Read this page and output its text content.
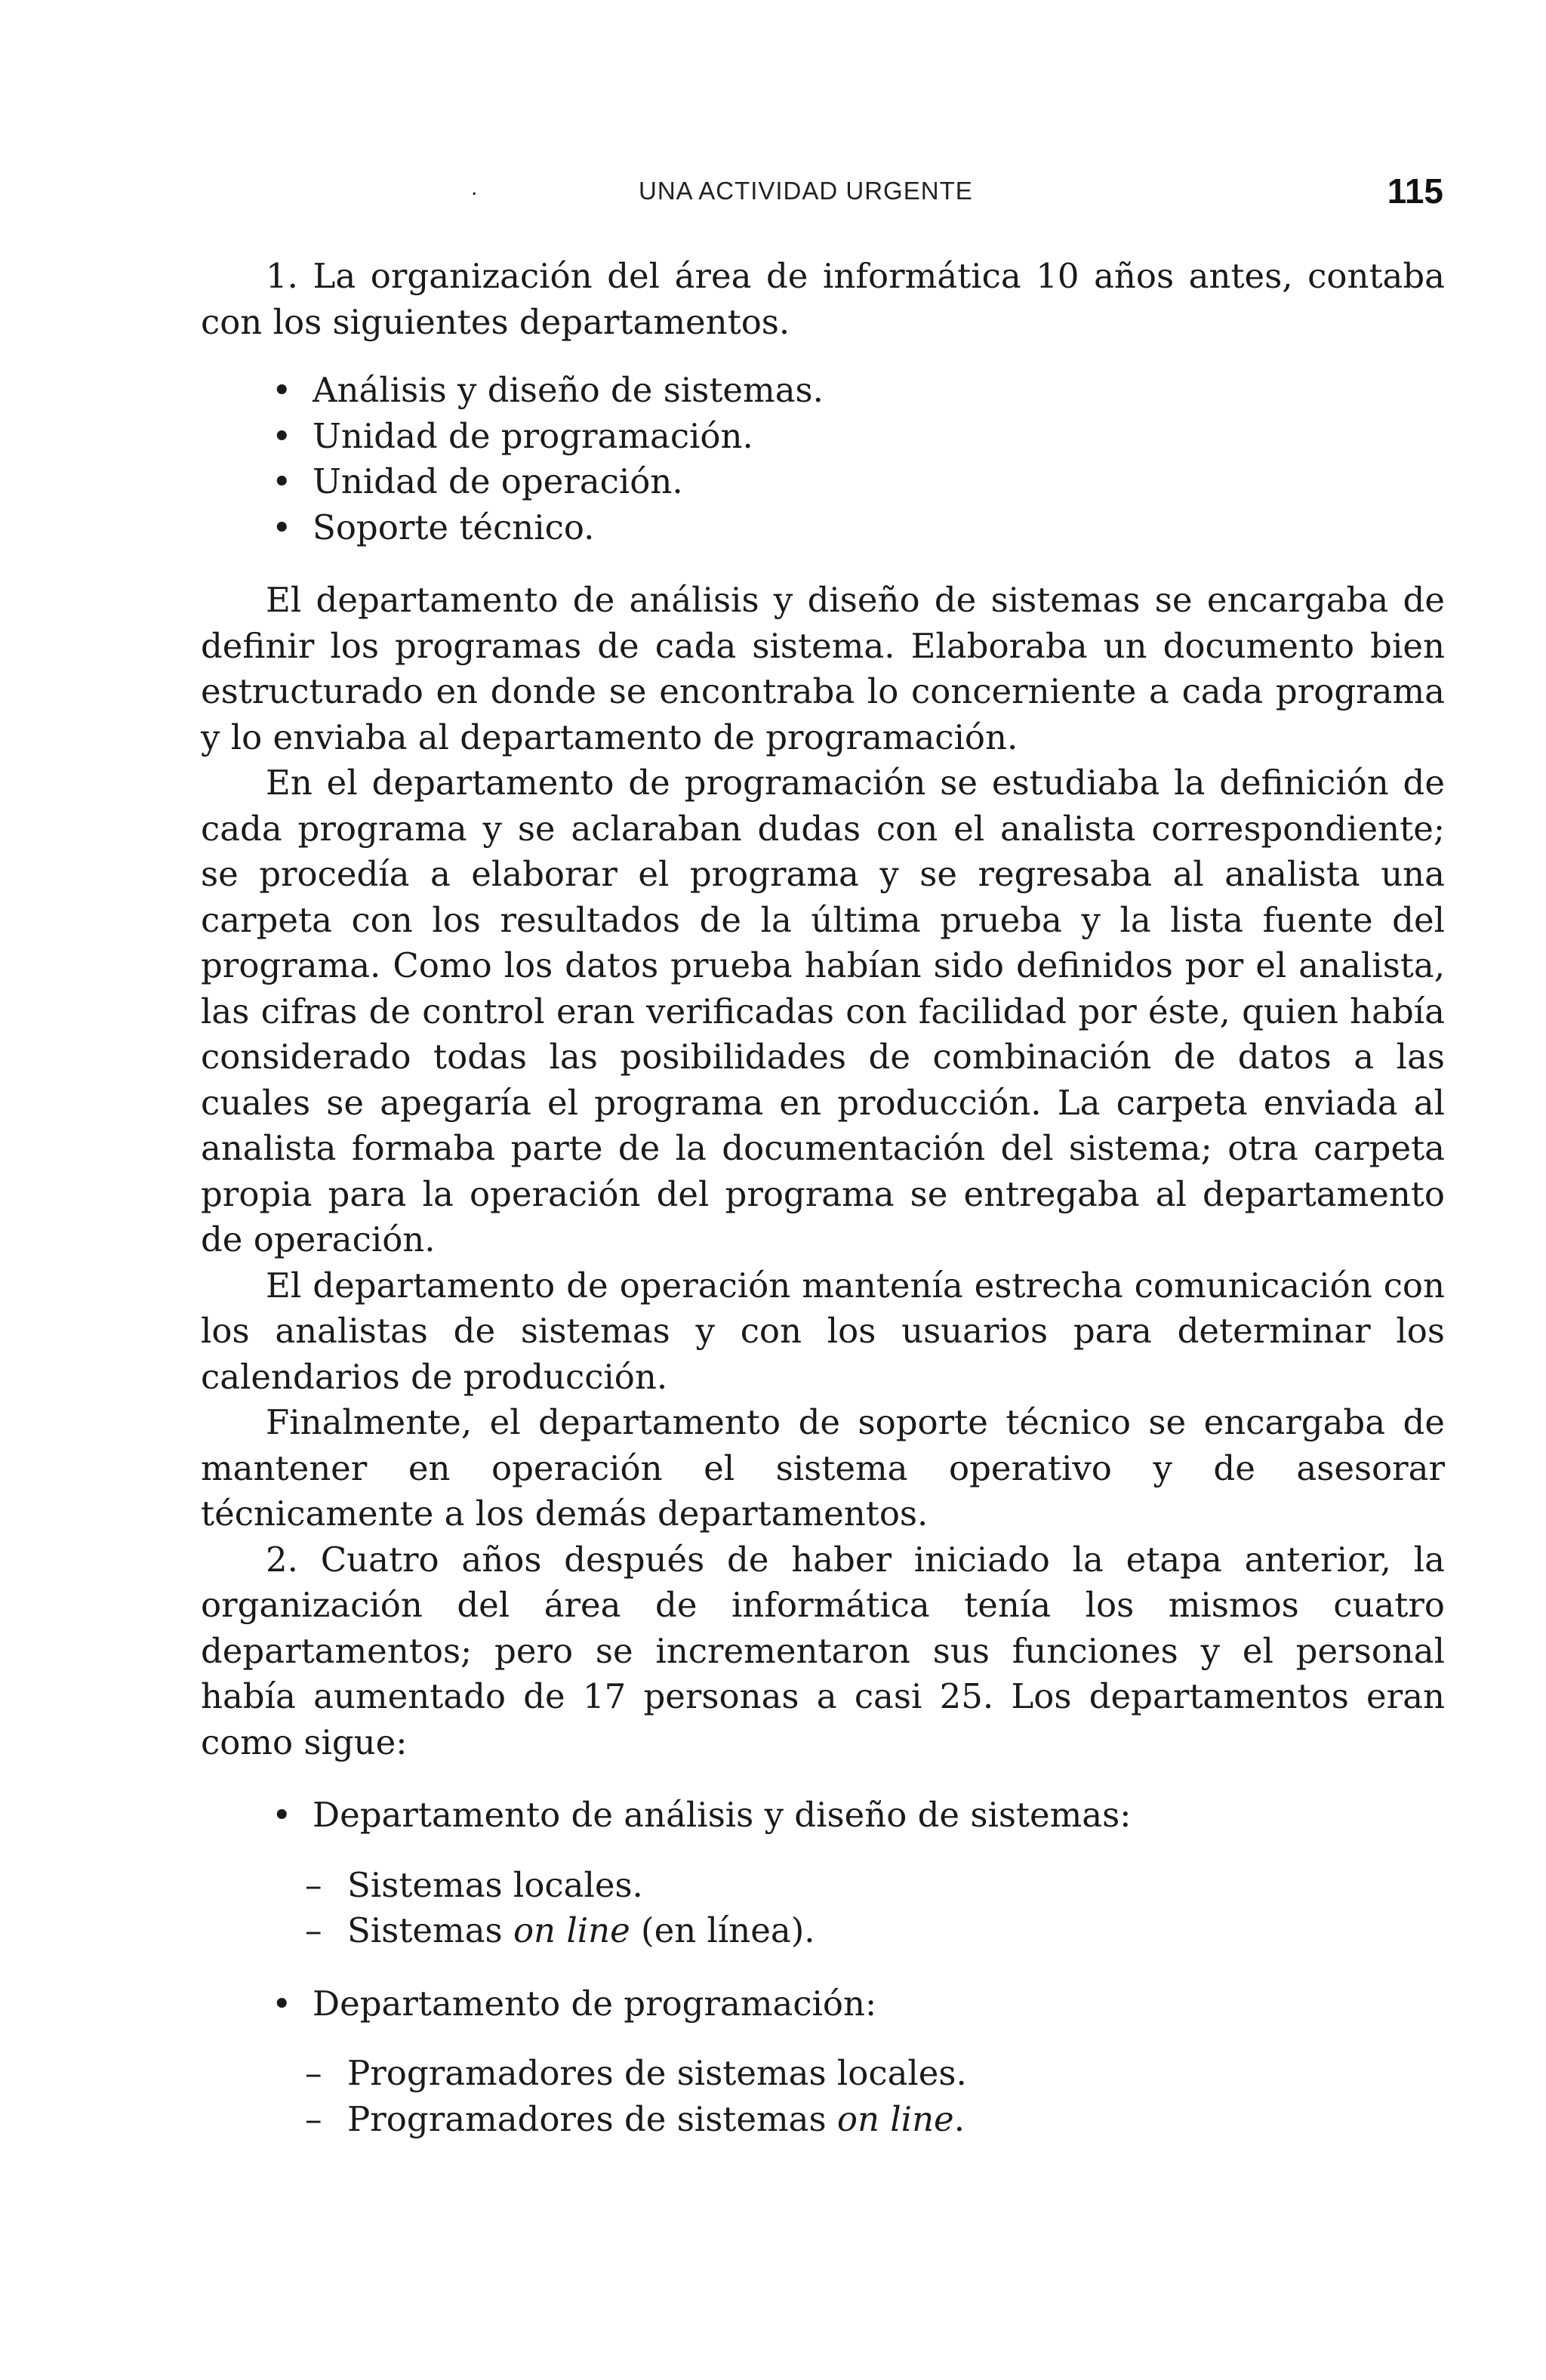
.	UNA ACTIVIDAD URGENTE	115

1. La organización del área de informática 10 años antes, contaba con los siguientes departamentos.

• Análisis y diseño de sistemas.
• Unidad de programación.
• Unidad de operación.
• Soporte técnico.

El departamento de análisis y diseño de sistemas se encargaba de definir los programas de cada sistema. Elaboraba un documento bien estructurado en donde se encontraba lo concerniente a cada programa y lo enviaba al departamento de programación.

En el departamento de programación se estudiaba la definición de cada programa y se aclaraban dudas con el analista correspondiente; se procedía a elaborar el programa y se regresaba al analista una carpeta con los resultados de la última prueba y la lista fuente del programa. Como los datos prueba habían sido definidos por el analista, las cifras de control eran verificadas con facilidad por éste, quien había considerado todas las posibilidades de combinación de datos a las cuales se apegaría el programa en producción. La carpeta enviada al analista formaba parte de la documentación del sistema; otra carpeta propia para la operación del programa se entregaba al departamento de operación.

El departamento de operación mantenía estrecha comunicación con los analistas de sistemas y con los usuarios para determinar los calendarios de producción.

Finalmente, el departamento de soporte técnico se encargaba de mantener en operación el sistema operativo y de asesorar técnicamente a los demás departamentos.

2. Cuatro años después de haber iniciado la etapa anterior, la organización del área de informática tenía los mismos cuatro departamentos; pero se incrementaron sus funciones y el personal había aumentado de 17 personas a casi 25. Los departamentos eran como sigue:

• Departamento de análisis y diseño de sistemas:
– Sistemas locales.
– Sistemas on line (en línea).
• Departamento de programación:
– Programadores de sistemas locales.
– Programadores de sistemas on line.
